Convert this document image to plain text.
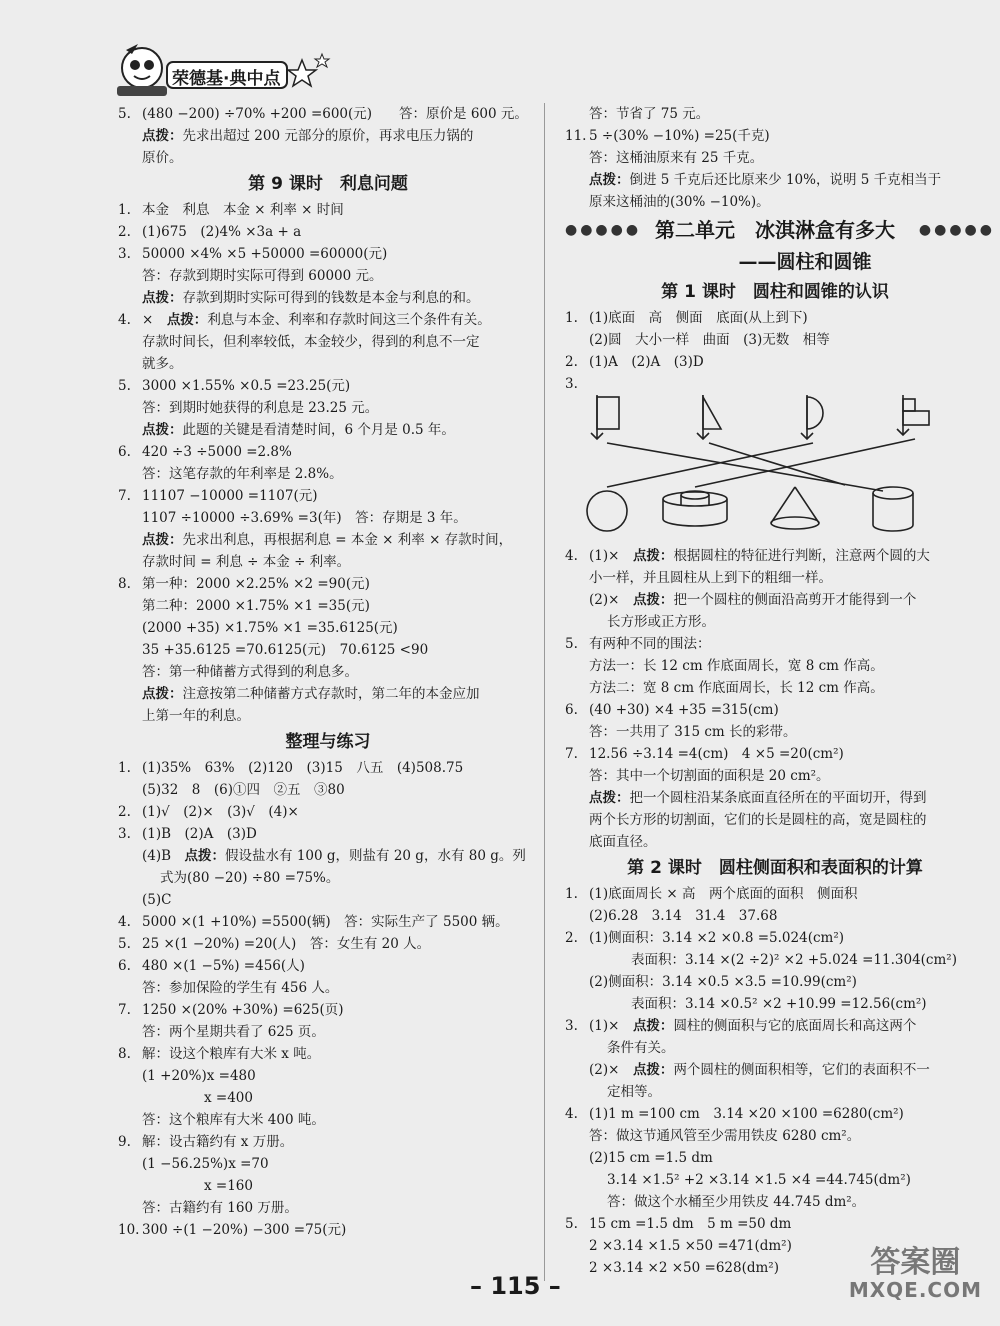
荣德基·典中点
5. (480 −200) ÷70% +200 =600(元)　　答：原价是 600 元。
点拨：先求出超过 200 元部分的原价，再求电压力锅的
原价。
第 9 课时　利息问题
1. 本金　利息　本金 × 利率 × 时间
2. (1)675　(2)4% ×3a + a
3. 50000 ×4% ×5 +50000 =60000(元)
答：存款到期时实际可得到 60000 元。
点拨：存款到期时实际可得到的钱数是本金与利息的和。
4. ×　点拨：利息与本金、利率和存款时间这三个条件有关。
存款时间长，但利率较低，本金较少，得到的利息不一定
就多。
5. 3000 ×1.55% ×0.5 =23.25(元)
答：到期时她获得的利息是 23.25 元。
点拨：此题的关键是看清楚时间，6 个月是 0.5 年。
6. 420 ÷3 ÷5000 =2.8%
答：这笔存款的年利率是 2.8%。
7. 11107 −10000 =1107(元)
1107 ÷10000 ÷3.69% =3(年)　答：存期是 3 年。
点拨：先求出利息，再根据利息 = 本金 × 利率 × 存款时间，
存款时间 = 利息 ÷ 本金 ÷ 利率。
8. 第一种：2000 ×2.25% ×2 =90(元)
第二种：2000 ×1.75% ×1 =35(元)
(2000 +35) ×1.75% ×1 =35.6125(元)
35 +35.6125 =70.6125(元)　70.6125 <90
答：第一种储蓄方式得到的利息多。
点拨：注意按第二种储蓄方式存款时，第二年的本金应加
上第一年的利息。
整理与练习
1. (1)35%　63%　(2)120　(3)15　八五　(4)508.75
(5)32　8　(6)①四　②五　③80
2. (1)√　(2)×　(3)√　(4)×
3. (1)B　(2)A　(3)D
(4)B　点拨：假设盐水有 100 g，则盐有 20 g，水有 80 g。列
式为(80 −20) ÷80 =75%。
(5)C
4. 5000 ×(1 +10%) =5500(辆)　答：实际生产了 5500 辆。
5. 25 ×(1 −20%) =20(人)　答：女生有 20 人。
6. 480 ×(1 −5%) =456(人)
答：参加保险的学生有 456 人。
7. 1250 ×(20% +30%) =625(页)
答：两个星期共看了 625 页。
8. 解：设这个粮库有大米 x 吨。
(1 +20%)x =480
x =400
答：这个粮库有大米 400 吨。
9. 解：设古籍约有 x 万册。
(1 −56.25%)x =70
x =160
答：古籍约有 160 万册。
10. 300 ÷(1 −20%) −300 =75(元)
答：节省了 75 元。
11. 5 ÷(30% −10%) =25(千克)
答：这桶油原来有 25 千克。
点拨：倒进 5 千克后还比原来少 10%，说明 5 千克相当于
原来这桶油的(30% −10%)。
●●●●● 第二单元　冰淇淋盒有多大 ●●●●●
——圆柱和圆锥
第 1 课时　圆柱和圆锥的认识
1. (1)底面　高　侧面　底面(从上到下)
(2)圆　大小一样　曲面　(3)无数　相等
2. (1)A　(2)A　(3)D
3.
4. (1)×　点拨：根据圆柱的特征进行判断，注意两个圆的大
小一样，并且圆柱从上到下的粗细一样。
(2)×　点拨：把一个圆柱的侧面沿高剪开才能得到一个
长方形或正方形。
5. 有两种不同的围法：
方法一：长 12 cm 作底面周长，宽 8 cm 作高。
方法二：宽 8 cm 作底面周长，长 12 cm 作高。
6. (40 +30) ×4 +35 =315(cm)
答：一共用了 315 cm 长的彩带。
7. 12.56 ÷3.14 =4(cm)　4 ×5 =20(cm²)
答：其中一个切割面的面积是 20 cm²。
点拨：把一个圆柱沿某条底面直径所在的平面切开，得到
两个长方形的切割面，它们的长是圆柱的高，宽是圆柱的
底面直径。
第 2 课时　圆柱侧面积和表面积的计算
1. (1)底面周长 × 高　两个底面的面积　侧面积
(2)6.28　3.14　31.4　37.68
2. (1)侧面积：3.14 ×2 ×0.8 =5.024(cm²)
表面积：3.14 ×(2 ÷2)² ×2 +5.024 =11.304(cm²)
(2)侧面积：3.14 ×0.5 ×3.5 =10.99(cm²)
表面积：3.14 ×0.5² ×2 +10.99 =12.56(cm²)
3. (1)×　点拨：圆柱的侧面积与它的底面周长和高这两个
条件有关。
(2)×　点拨：两个圆柱的侧面积相等，它们的表面积不一
定相等。
4. (1)1 m =100 cm　3.14 ×20 ×100 =6280(cm²)
答：做这节通风管至少需用铁皮 6280 cm²。
(2)15 cm =1.5 dm
3.14 ×1.5² +2 ×3.14 ×1.5 ×4 =44.745(dm²)
答：做这个水桶至少用铁皮 44.745 dm²。
5. 15 cm =1.5 dm　5 m =50 dm
2 ×3.14 ×1.5 ×50 =471(dm²)
2 ×3.14 ×2 ×50 =628(dm²)
– 115 –
答案圈
MXQE.COM
